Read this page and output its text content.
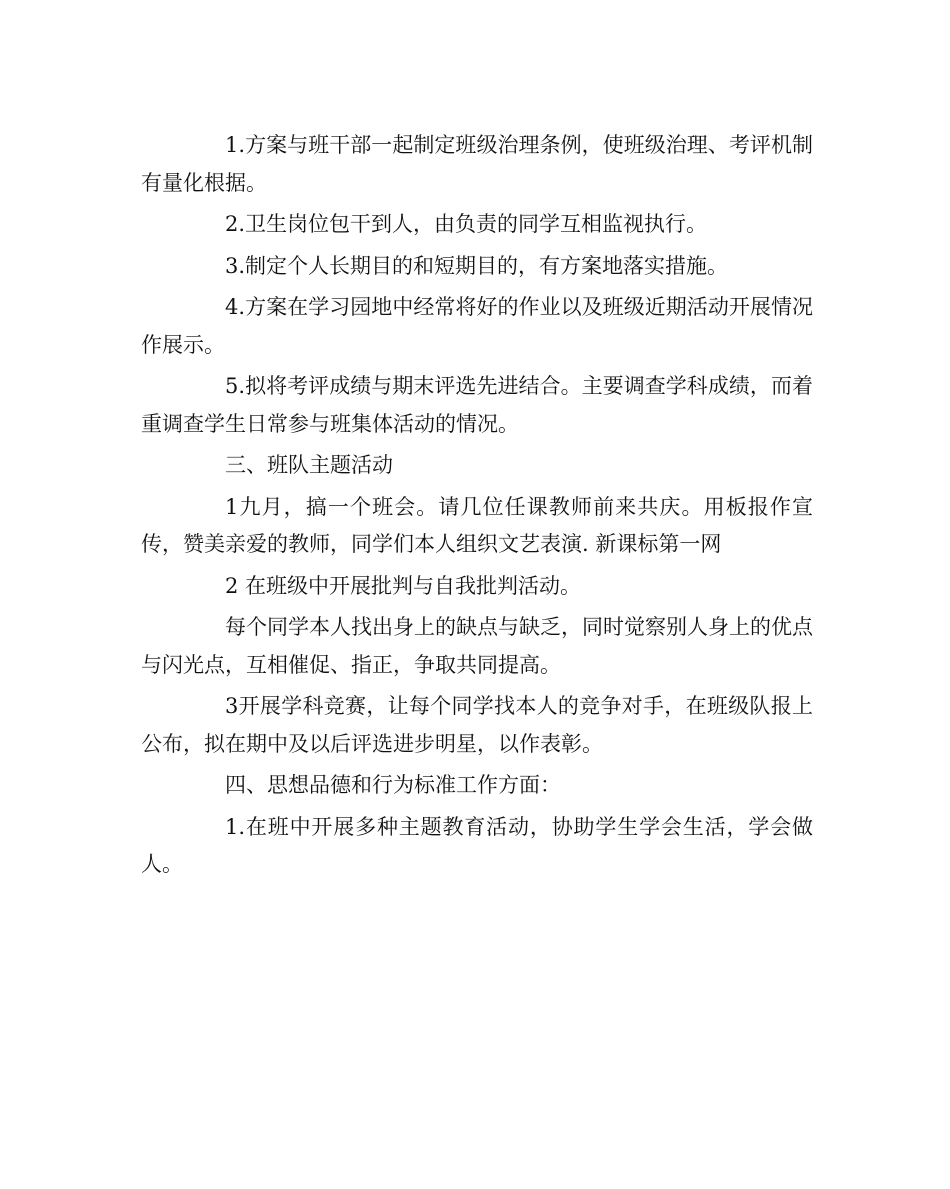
1.方案与班干部一起制定班级治理条例，使班级治理、考评机制有量化根据。

2.卫生岗位包干到人，由负责的同学互相监视执行。

3.制定个人长期目的和短期目的，有方案地落实措施。

4.方案在学习园地中经常将好的作业以及班级近期活动开展情况作展示。

5.拟将考评成绩与期末评选先进结合。主要调查学科成绩，而着重调查学生日常参与班集体活动的情况。

三、班队主题活动

1九月，搞一个班会。请几位任课教师前来共庆。用板报作宣传，赞美亲爱的教师，同学们本人组织文艺表演. 新课标第一网

2 在班级中开展批判与自我批判活动。

每个同学本人找出身上的缺点与缺乏，同时觉察别人身上的优点与闪光点，互相催促、指正，争取共同提高。

3开展学科竞赛，让每个同学找本人的竞争对手，在班级队报上公布，拟在期中及以后评选进步明星，以作表彰。

四、思想品德和行为标准工作方面：

1.在班中开展多种主题教育活动，协助学生学会生活，学会做人。
